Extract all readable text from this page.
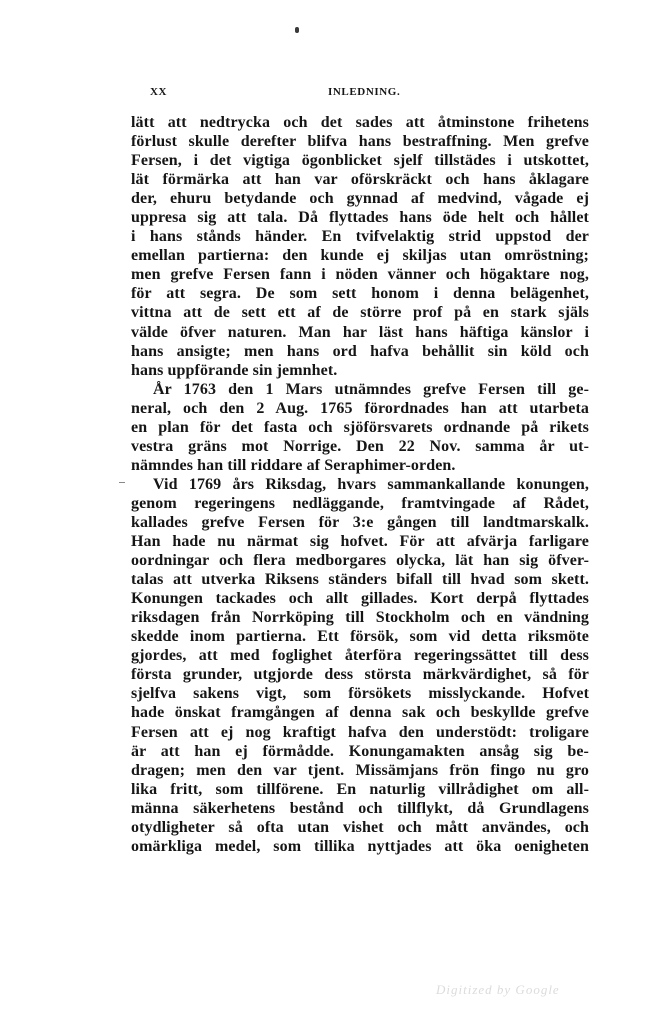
XX	INLEDNING.
lätt att nedtrycka och det sades att åtminstone frihetens
förlust skulle derefter blifva hans bestraffning. Men grefve
Fersen, i det vigtiga ögonblicket sjelf tillstädes i utskottet,
lät förmärka att han var oförskräckt och hans åklagare
der, ehuru betydande och gynnad af medvind, vågade ej
uppresa sig att tala. Då flyttades hans öde helt och hållet
i hans stånds händer. En tvifvelaktig strid uppstod der
emellan partierna: den kunde ej skiljas utan omröstning;
men grefve Fersen fann i nöden vänner och högaktare nog,
för att segra. De som sett honom i denna belägenhet,
vittna att de sett ett af de större prof på en stark själs
välde öfver naturen. Man har läst hans häftiga känslor i
hans ansigte; men hans ord hafva behållit sin köld och
hans uppförande sin jemnhet.
År 1763 den 1 Mars utnämndes grefve Fersen till ge-
neral, och den 2 Aug. 1765 förordnades han att utarbeta
en plan för det fasta och sjöförsvarets ordnande på rikets
vestra gräns mot Norrige. Den 22 Nov. samma år ut-
nämndes han till riddare af Seraphimer-orden.
Vid 1769 års Riksdag, hvars sammankallande konungen,
genom regeringens nedläggande, framtvingade af Rådet,
kallades grefve Fersen för 3:e gången till landtmarskalk.
Han hade nu närmat sig hofvet. För att afvärja farligare
oordningar och flera medborgares olycka, lät han sig öfver-
talas att utverka Riksens ständers bifall till hvad som skett.
Konungen tackades och allt gillades. Kort derpå flyttades
riksdagen från Norrköping till Stockholm och en vändning
skedde inom partierna. Ett försök, som vid detta riksmöte
gjordes, att med foglighet återföra regeringssättet till dess
första grunder, utgjorde dess största märkvärdighet, så för
sjelfva sakens vigt, som försökets misslyckande. Hofvet
hade önskat framgången af denna sak och beskyllde grefve
Fersen att ej nog kraftigt hafva den understödt: troligare
är att han ej förmådde. Konungamakten ansåg sig be-
dragen; men den var tjent. Missämjans frön fingo nu gro
lika fritt, som tillförene. En naturlig villrådighet om all-
männa säkerhetens bestånd och tillflykt, då Grundlagens
otydligheter så ofta utan vishet och mått användes, och
omärkliga medel, som tillika nyttjades att öka oenigheten
Digitized by Google
